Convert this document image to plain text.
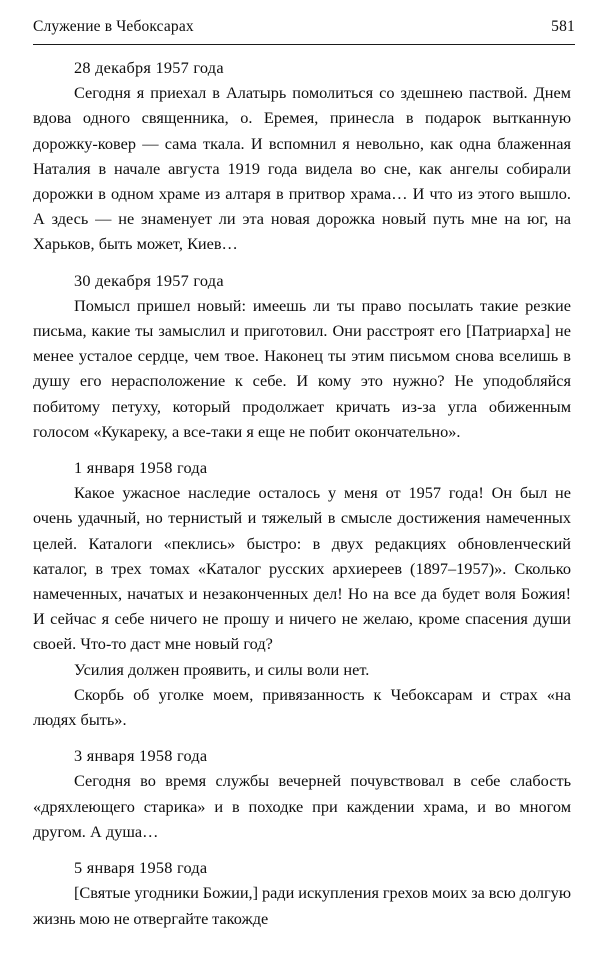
Служение в Чебоксарах	581

28 декабря 1957 года

Сегодня я приехал в Алатырь помолиться со здешнею паствой. Днем вдова одного священника, о. Еремея, принесла в подарок вытканную дорожку-ковер — сама ткала. И вспомнил я невольно, как одна блаженная Наталия в начале августа 1919 года видела во сне, как ангелы собирали дорожки в одном храме из алтаря в притвор храма… И что из этого вышло. А здесь — не знаменует ли эта новая дорожка новый путь мне на юг, на Харьков, быть может, Киев…

30 декабря 1957 года

Помысл пришел новый: имеешь ли ты право посылать такие резкие письма, какие ты замыслил и приготовил. Они расстроят его [Патриарха] не менее усталое сердце, чем твое. Наконец ты этим письмом снова вселишь в душу его нерасположение к себе. И кому это нужно? Не уподобляйся побитому петуху, который продолжает кричать из-за угла обиженным голосом «Кукареку, а все-таки я еще не побит окончательно».

1 января 1958 года

Какое ужасное наследие осталось у меня от 1957 года! Он был не очень удачный, но тернистый и тяжелый в смысле достижения намеченных целей. Каталоги «пеклись» быстро: в двух редакциях обновленческий каталог, в трех томах «Каталог русских архиереев (1897–1957)». Сколько намеченных, начатых и незаконченных дел! Но на все да будет воля Божия! И сейчас я себе ничего не прошу и ничего не желаю, кроме спасения души своей. Что-то даст мне новый год?

Усилия должен проявить, и силы воли нет.

Скорбь об уголке моем, привязанность к Чебоксарам и страх «на людях быть».

3 января 1958 года

Сегодня во время службы вечерней почувствовал в себе слабость «дряхлеющего старика» и в походке при каждении храма, и во многом другом. А душа…

5 января 1958 года

[Святые угодники Божии,] ради искупления грехов моих за всю долгую жизнь мою не отвергайте такожде
